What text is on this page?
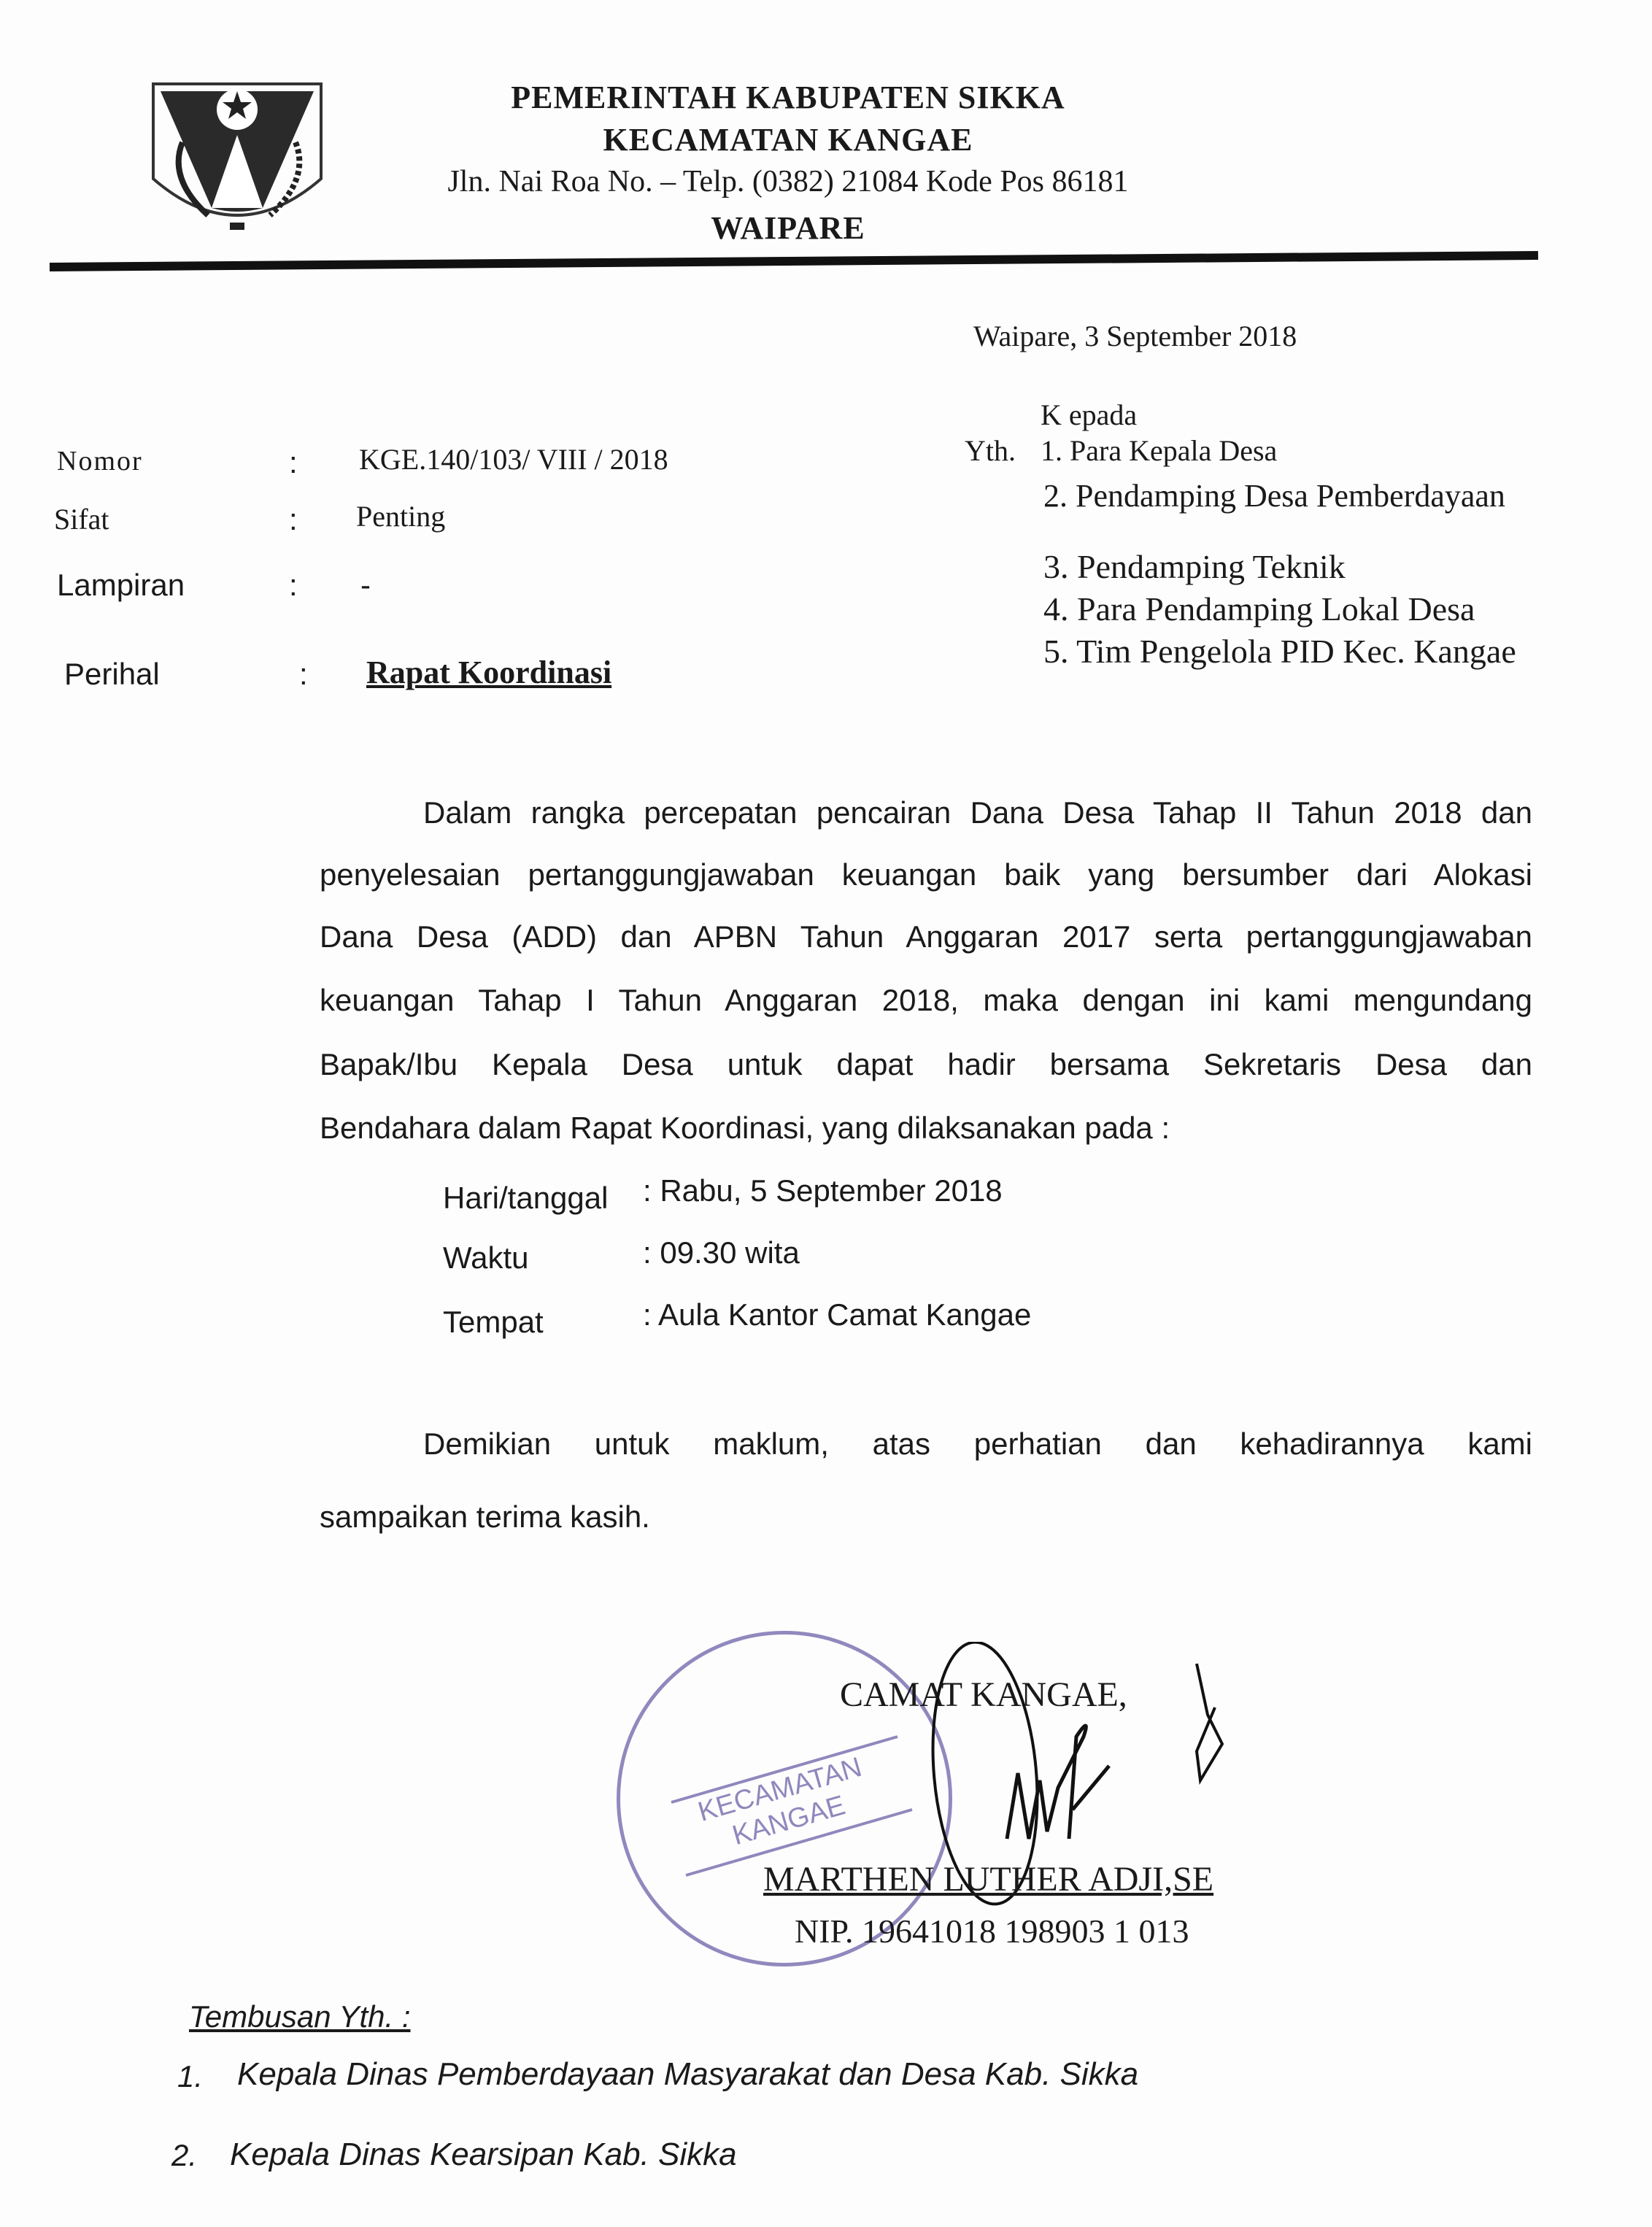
PEMERINTAH KABUPATEN SIKKA
KECAMATAN KANGAE
Jln. Nai Roa No. – Telp. (0382) 21084 Kode Pos 86181
WAIPARE
Waipare, 3 September 2018
Nomor	: KGE.140/103/ VIII / 2018
Sifat	: Penting
Lampiran	: -
Perihal	: Rapat Koordinasi
K epada
Yth. 1. Para Kepala Desa
2. Pendamping Desa Pemberdayaan
3. Pendamping Teknik
4. Para Pendamping Lokal Desa
5. Tim Pengelola PID Kec. Kangae
Dalam rangka percepatan pencairan Dana Desa Tahap II Tahun 2018 dan
penyelesaian pertanggungjawaban keuangan baik yang bersumber dari Alokasi
Dana Desa (ADD) dan APBN Tahun Anggaran 2017 serta pertanggungjawaban
keuangan Tahap I Tahun Anggaran 2018, maka dengan ini kami mengundang
Bapak/Ibu Kepala Desa untuk dapat hadir bersama Sekretaris Desa dan
Bendahara dalam Rapat Koordinasi, yang dilaksanakan pada :
Hari/tanggal : Rabu, 5 September 2018
Waktu	: 09.30 wita
Tempat	: Aula Kantor Camat Kangae
Demikian untuk maklum, atas perhatian dan kehadirannya kami
sampaikan terima kasih.
KECAMATAN KANGAE
CAMAT KANGAE,
MARTHEN LUTHER ADJI,SE
NIP. 19641018 198903 1 013
Tembusan Yth. :
1. Kepala Dinas Pemberdayaan Masyarakat dan Desa Kab. Sikka
2. Kepala Dinas Kearsipan Kab. Sikka
